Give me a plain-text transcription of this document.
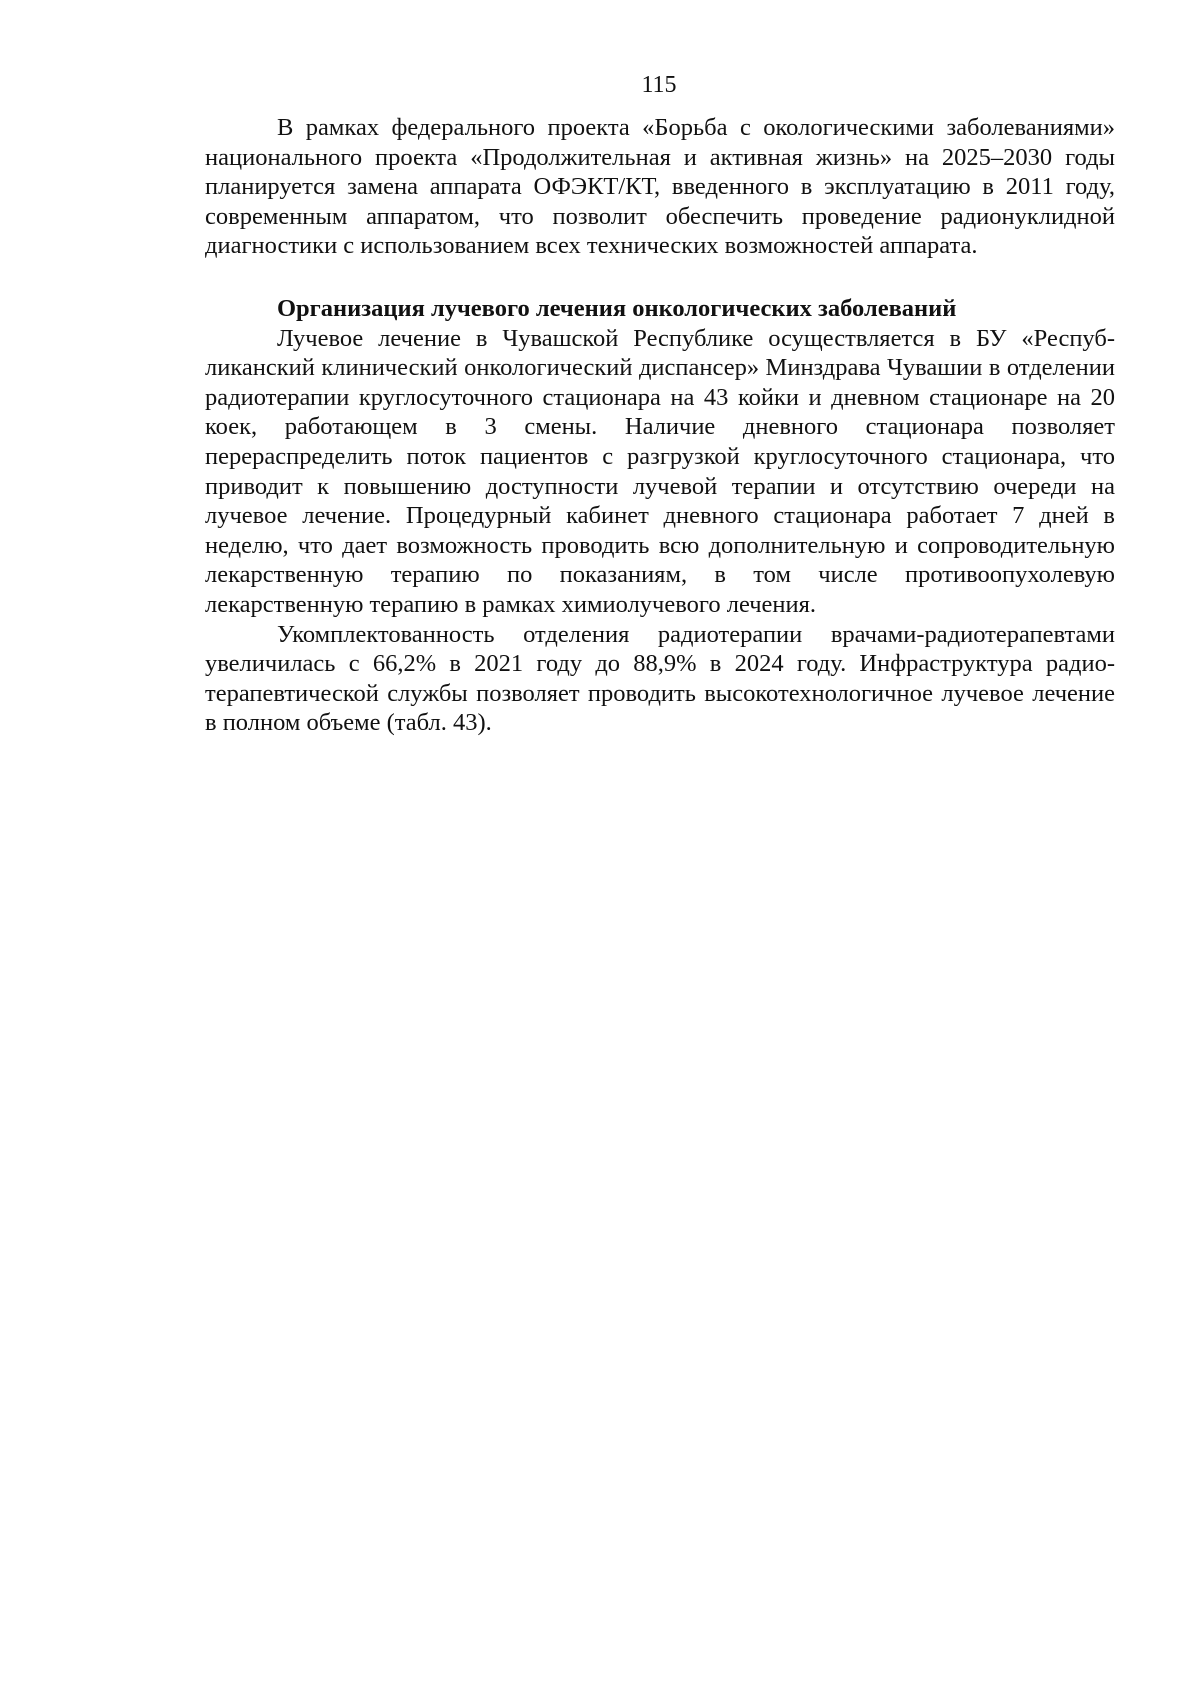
115

В рамках федерального проекта «Борьба с окологическими заболеваниями» национального проекта «Продолжительная и активная жизнь» на 2025–2030 годы планируется замена аппарата ОФЭКТ/КТ, введенного в эксплуатацию в 2011 году, современным аппаратом, что позволит обеспечить проведение радионуклидной диагностики с использованием всех технических возможностей аппарата.

Организация лучевого лечения онкологических заболеваний

Лучевое лечение в Чувашской Республике осуществляется в БУ «Республиканский клинический онкологический диспансер» Минздрава Чувашии в отделении радиотерапии круглосуточного стационара на 43 койки и дневном стационаре на 20 коек, работающем в 3 смены. Наличие дневного стационара позволяет перераспределить поток пациентов с разгрузкой круглосуточного стационара, что приводит к повышению доступности лучевой терапии и отсутствию очереди на лучевое лечение. Процедурный кабинет дневного стационара работает 7 дней в неделю, что дает возможность проводить всю дополнительную и сопроводительную лекарственную терапию по показаниям, в том числе противоопухолевую лекарственную терапию в рамках химиолучевого лечения.

Укомплектованность отделения радиотерапии врачами-радиотерапевтами увеличилась с 66,2% в 2021 году до 88,9% в 2024 году. Инфраструктура радиотерапевтической службы позволяет проводить высокотехнологичное лучевое лечение в полном объеме (табл. 43).
